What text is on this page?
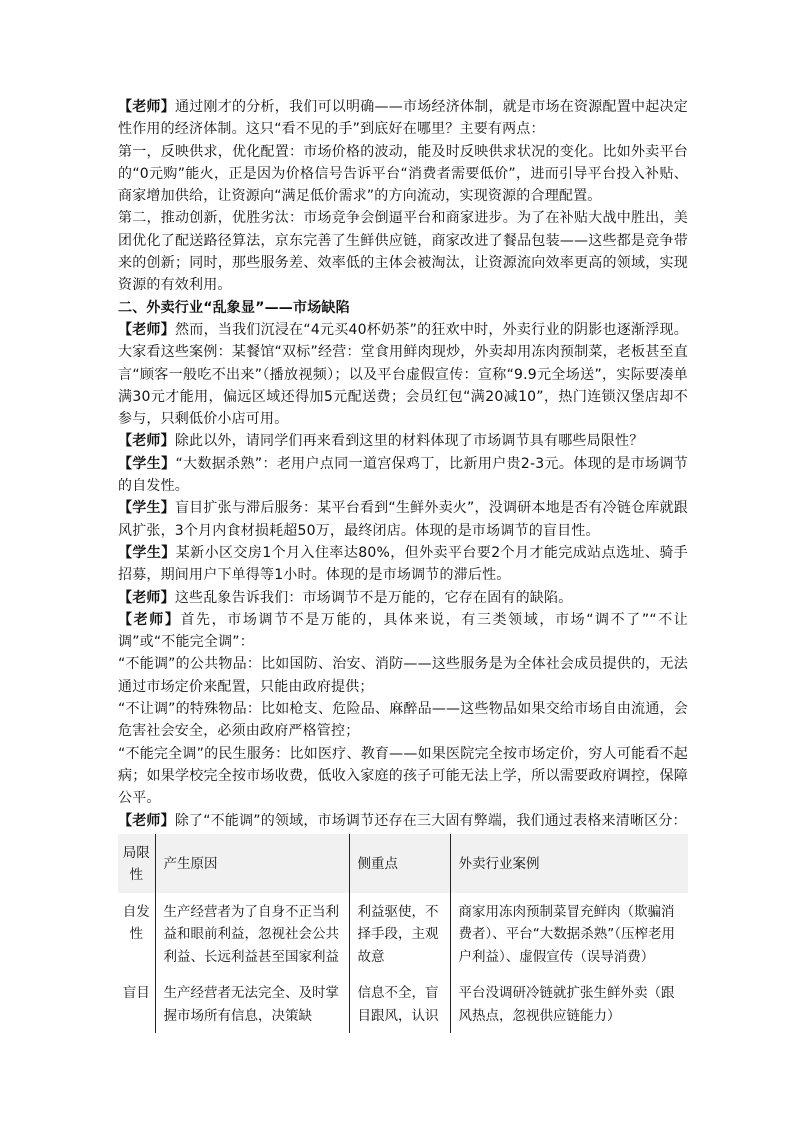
【老师】通过刚才的分析，我们可以明确——市场经济体制，就是市场在资源配置中起决定性作用的经济体制。这只“看不见的手”到底好在哪里？主要有两点：

第一，反映供求，优化配置：市场价格的波动，能及时反映供求状况的变化。比如外卖平台的“0元购”能火，正是因为价格信号告诉平台“消费者需要低价”，进而引导平台投入补贴、商家增加供给，让资源向“满足低价需求”的方向流动，实现资源的合理配置。

第二，推动创新，优胜劣汰：市场竞争会倒逼平台和商家进步。为了在补贴大战中胜出，美团优化了配送路径算法，京东完善了生鲜供应链，商家改进了餐品包装——这些都是竞争带来的创新；同时，那些服务差、效率低的主体会被淘汰，让资源流向效率更高的领域，实现资源的有效利用。

二、外卖行业“乱象显”——市场缺陷

【老师】然而，当我们沉浸在“4元买40杯奶茶”的狂欢中时，外卖行业的阴影也逐渐浮现。大家看这些案例：某餐馆“双标”经营：堂食用鲜肉现炒，外卖却用冻肉预制菜，老板甚至直言“顾客一般吃不出来”（播放视频）；以及平台虚假宣传：宣称“9.9元全场送”，实际要凑单满30元才能用，偏远区域还得加5元配送费；会员红包“满20减10”，热门连锁汉堡店却不参与，只剩低价小店可用。

【老师】除此以外，请同学们再来看到这里的材料体现了市场调节具有哪些局限性？

【学生】“大数据杀熟”：老用户点同一道宫保鸡丁，比新用户贵2-3元。体现的是市场调节的自发性。

【学生】盲目扩张与滞后服务：某平台看到“生鲜外卖火”，没调研本地是否有冷链仓库就跟风扩张，3个月内食材损耗超50万，最终闭店。体现的是市场调节的盲目性。

【学生】某新小区交房1个月入住率达80%，但外卖平台要2个月才能完成站点选址、骑手招募，期间用户下单得等1小时。体现的是市场调节的滞后性。

【老师】这些乱象告诉我们：市场调节不是万能的，它存在固有的缺陷。

【老师】首先，市场调节不是万能的，具体来说，有三类领域，市场“调不了”“不让调”或“不能完全调”：

“不能调”的公共物品：比如国防、治安、消防——这些服务是为全体社会成员提供的，无法通过市场定价来配置，只能由政府提供；

“不让调”的特殊物品：比如枪支、危险品、麻醉品——这些物品如果交给市场自由流通，会危害社会安全，必须由政府严格管控；

“不能完全调”的民生服务：比如医疗、教育——如果医院完全按市场定价，穷人可能看不起病；如果学校完全按市场收费，低收入家庭的孩子可能无法上学，所以需要政府调控，保障公平。

【老师】除了“不能调”的领域，市场调节还存在三大固有弊端，我们通过表格来清晰区分：

局限性	产生原因	侧重点	外卖行业案例
自发性	生产经营者为了自身不正当利益和眼前利益，忽视社会公共利益、长远利益甚至国家利益	利益驱使，不择手段，主观故意	商家用冻肉预制菜冒充鲜肉（欺骗消费者）、平台“大数据杀熟”（压榨老用户利益）、虚假宣传（误导消费）
盲目	生产经营者无法完全、及时掌握市场所有信息，决策缺	信息不全，盲目跟风，认识	平台没调研冷链就扩张生鲜外卖（跟风热点，忽视供应链能力）
